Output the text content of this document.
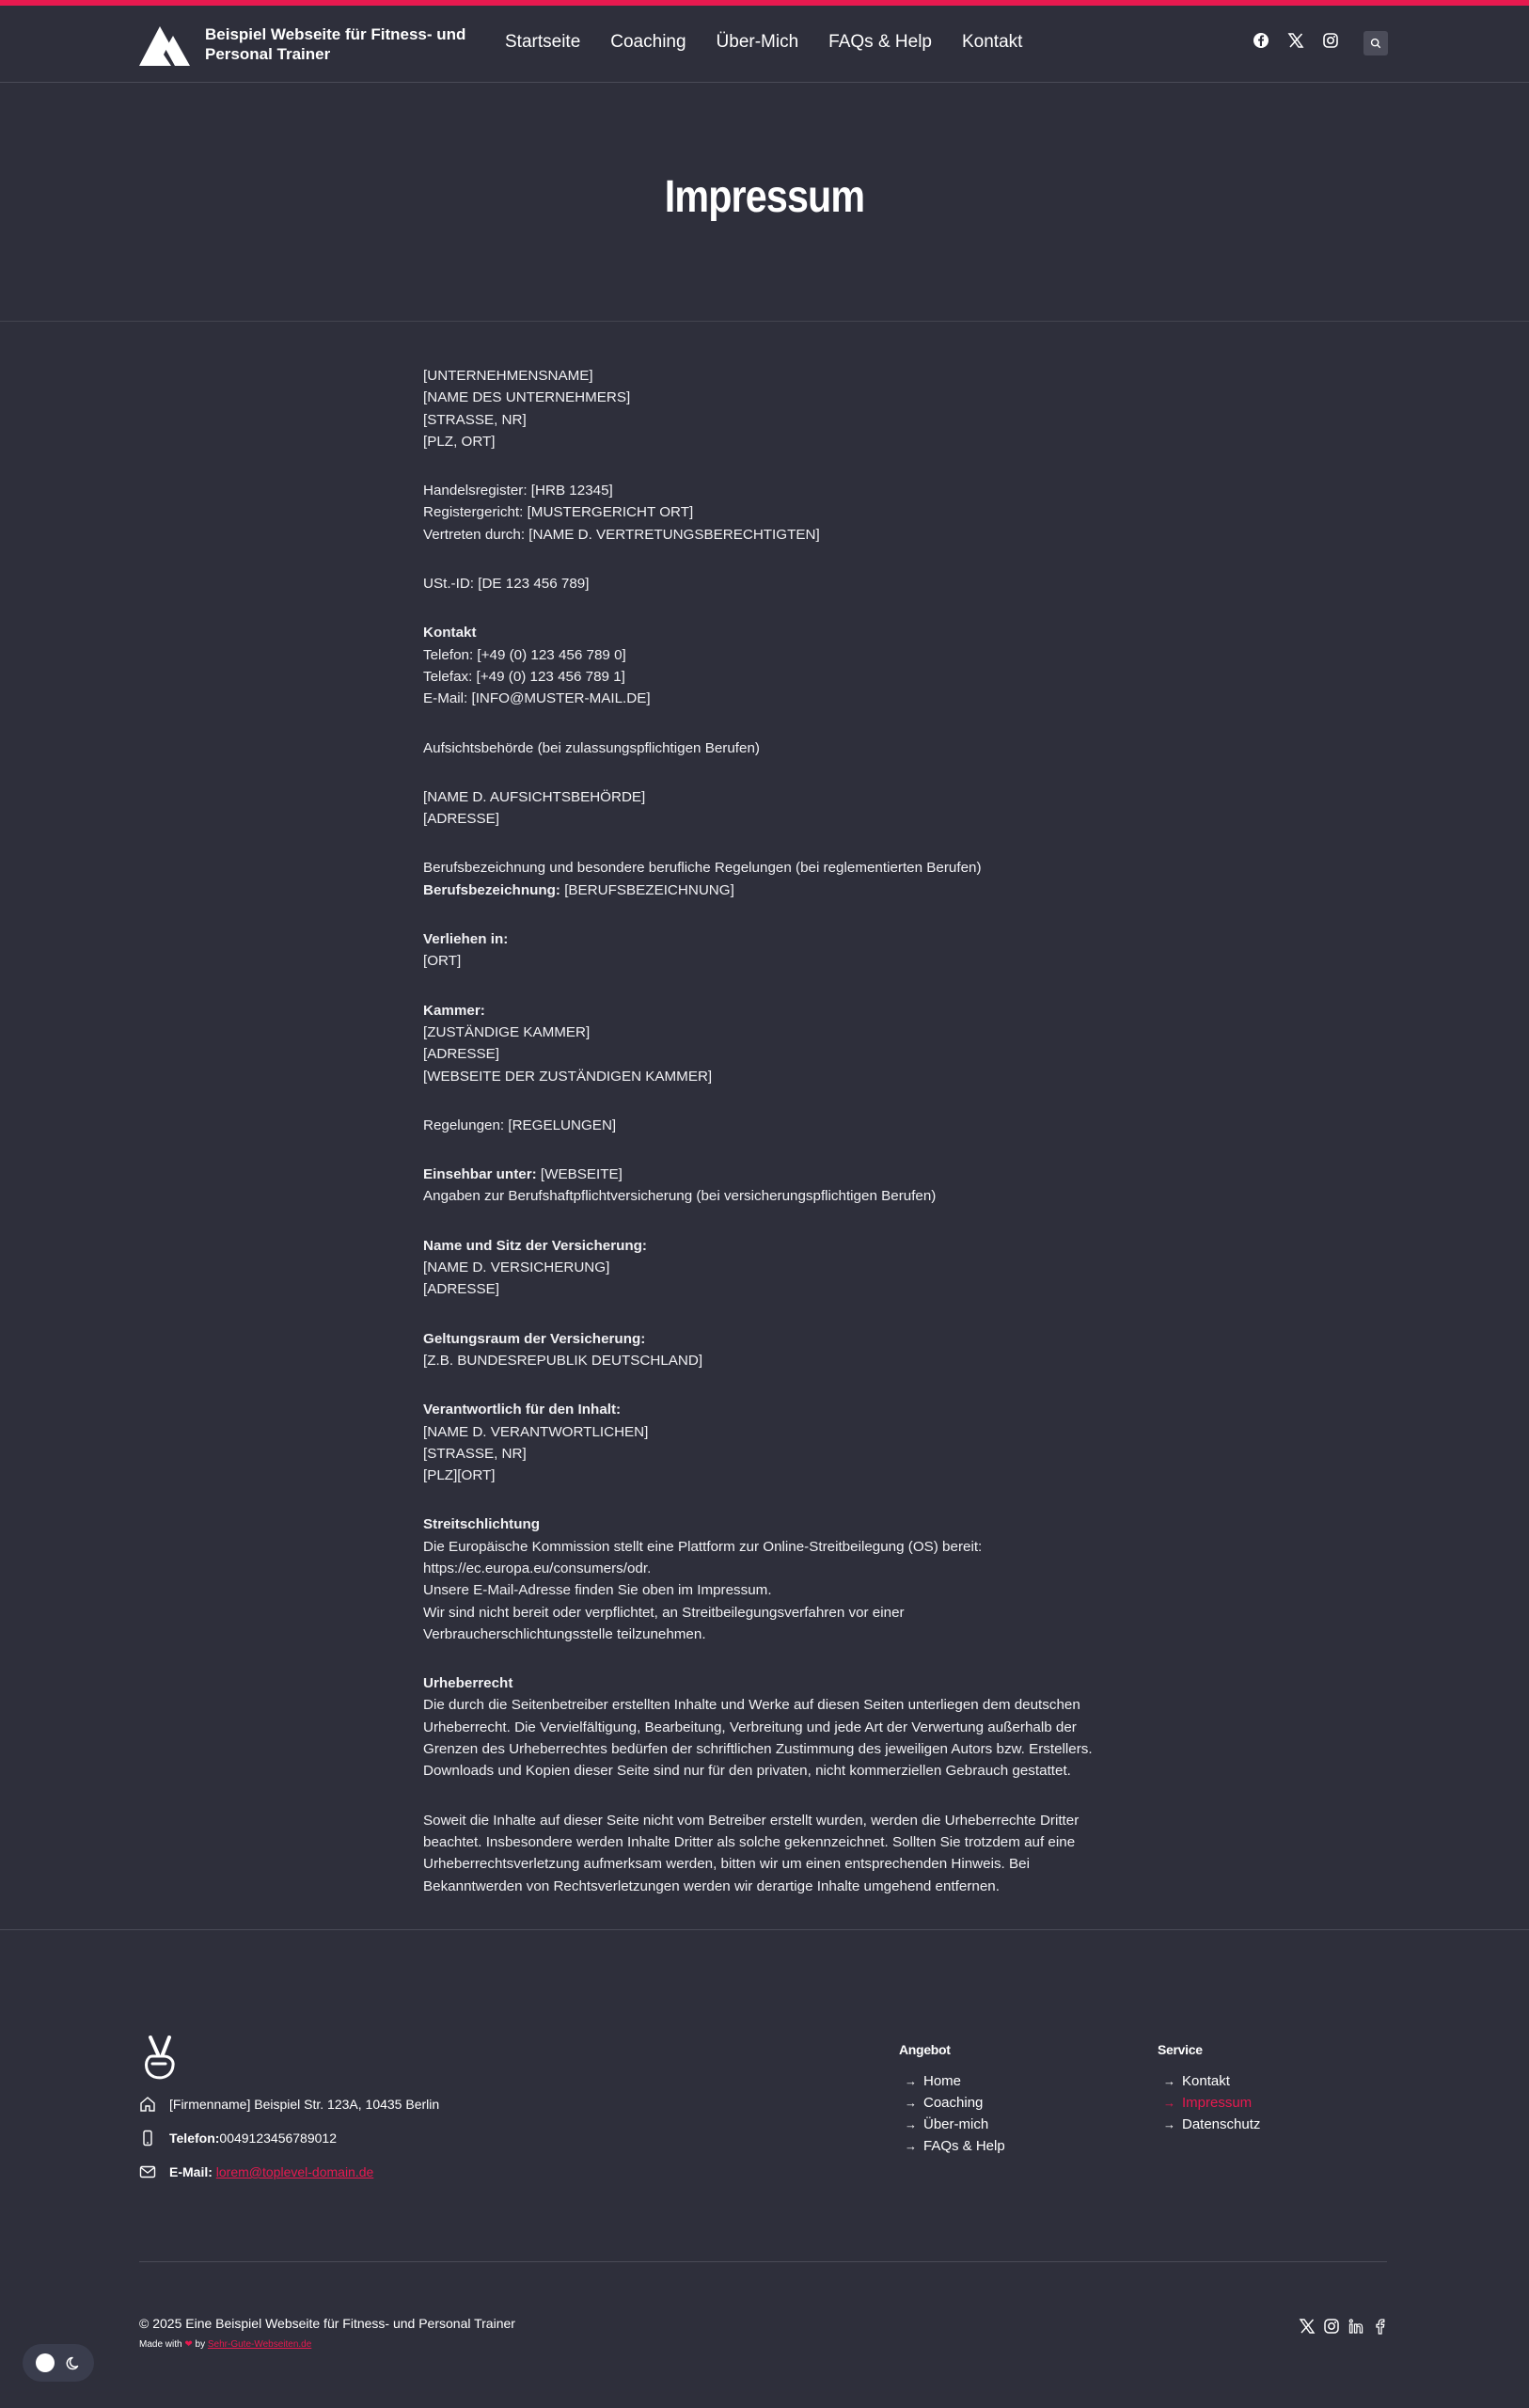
Beispiel Webseite für Fitness- und Personal Trainer
Startseite Coaching Über-Mich FAQs & Help Kontakt
Impressum

[UNTERNEHMENSNAME]
[NAME DES UNTERNEHMERS]
[STRASSE, NR]
[PLZ, ORT]

Handelsregister: [HRB 12345]
Registergericht: [MUSTERGERICHT ORT]
Vertreten durch: [NAME D. VERTRETUNGSBERECHTIGTEN]

USt.-ID: [DE 123 456 789]

Kontakt
Telefon: [+49 (0) 123 456 789 0]
Telefax: [+49 (0) 123 456 789 1]
E-Mail: [INFO@MUSTER-MAIL.DE]

Aufsichtsbehörde (bei zulassungspflichtigen Berufen)

[NAME D. AUFSICHTSBEHÖRDE]
[ADRESSE]

Berufsbezeichnung und besondere berufliche Regelungen (bei reglementierten Berufen)
Berufsbezeichnung: [BERUFSBEZEICHNUNG]

Verliehen in:
[ORT]

Kammer:
[ZUSTÄNDIGE KAMMER]
[ADRESSE]
[WEBSEITE DER ZUSTÄNDIGEN KAMMER]

Regelungen: [REGELUNGEN]

Einsehbar unter: [WEBSEITE]
Angaben zur Berufshaftpflichtversicherung (bei versicherungspflichtigen Berufen)

Name und Sitz der Versicherung:
[NAME D. VERSICHERUNG]
[ADRESSE]

Geltungsraum der Versicherung:
[Z.B. BUNDESREPUBLIK DEUTSCHLAND]

Verantwortlich für den Inhalt:
[NAME D. VERANTWORTLICHEN]
[STRASSE, NR]
[PLZ][ORT]

Streitschlichtung
Die Europäische Kommission stellt eine Plattform zur Online-Streitbeilegung (OS) bereit:
https://ec.europa.eu/consumers/odr.
Unsere E-Mail-Adresse finden Sie oben im Impressum.
Wir sind nicht bereit oder verpflichtet, an Streitbeilegungsverfahren vor einer
Verbraucherschlichtungsstelle teilzunehmen.

Urheberrecht
Die durch die Seitenbetreiber erstellten Inhalte und Werke auf diesen Seiten unterliegen dem deutschen
Urheberrecht. Die Vervielfältigung, Bearbeitung, Verbreitung und jede Art der Verwertung außerhalb der
Grenzen des Urheberrechtes bedürfen der schriftlichen Zustimmung des jeweiligen Autors bzw. Erstellers.
Downloads und Kopien dieser Seite sind nur für den privaten, nicht kommerziellen Gebrauch gestattet.

Soweit die Inhalte auf dieser Seite nicht vom Betreiber erstellt wurden, werden die Urheberrechte Dritter
beachtet. Insbesondere werden Inhalte Dritter als solche gekennzeichnet. Sollten Sie trotzdem auf eine
Urheberrechtsverletzung aufmerksam werden, bitten wir um einen entsprechenden Hinweis. Bei
Bekanntwerden von Rechtsverletzungen werden wir derartige Inhalte umgehend entfernen.

[Firmenname] Beispiel Str. 123A, 10435 Berlin
Telefon: 0049123456789012
E-Mail:
lorem@toplevel-domain.de
Angebot
→ Home
→ Coaching
→ Über-mich
→ FAQs & Help
Service
→ Kontakt
→ Impressum
→ Datenschutz
© 2025 Eine Beispiel Webseite für Fitness- und Personal Trainer
Made with ❤ by Sehr-Gute-Webseiten.de
